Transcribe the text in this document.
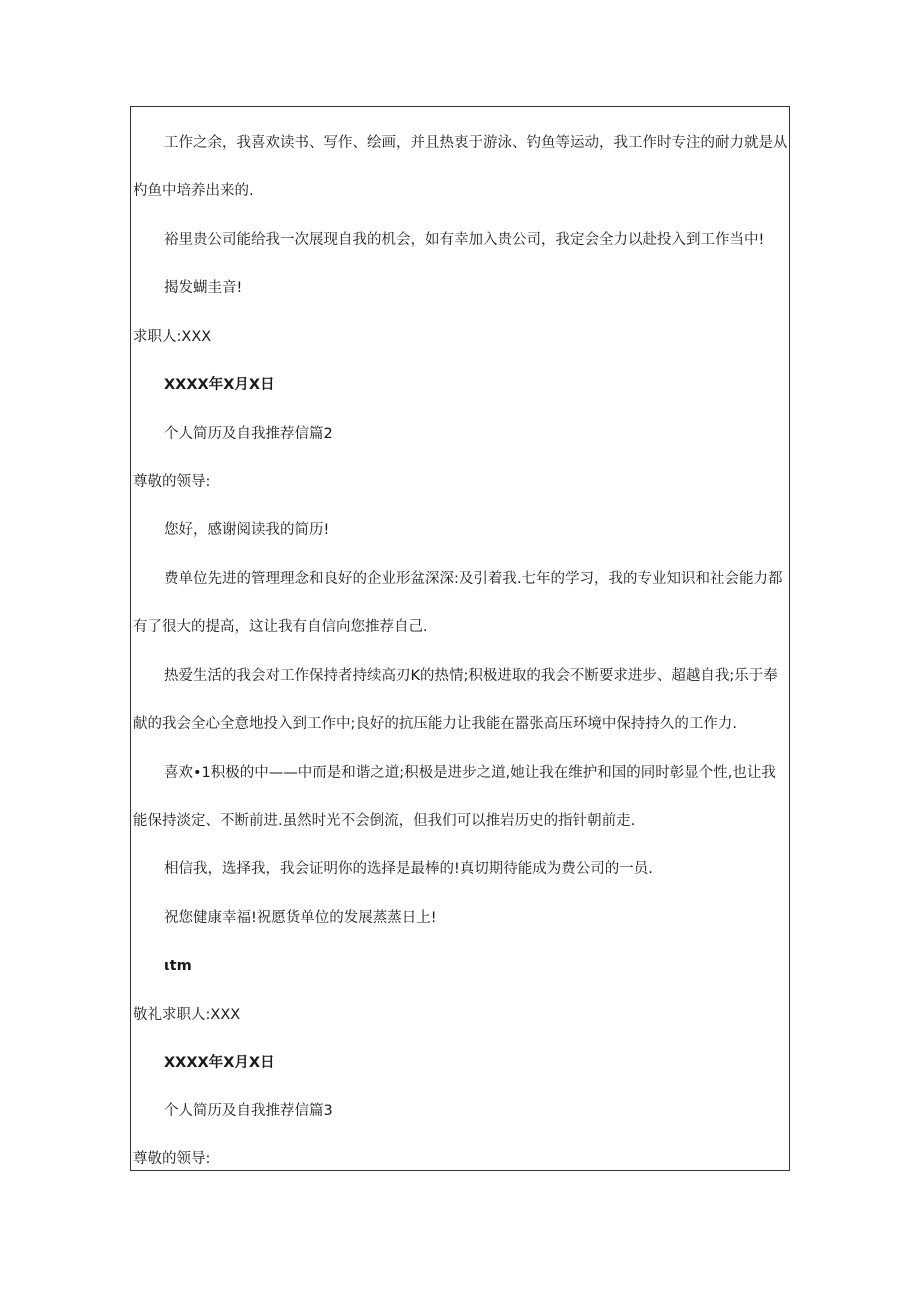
工作之余，我喜欢读书、写作、绘画，并且热衷于游泳、钓鱼等运动，我工作时专注的耐力就是从
杓鱼中培养出来的.
裕里贵公司能给我一次展现自我的机会，如有幸加入贵公司，我定会全力以赴投入到工作当中!
揭发蝴圭音!
求职人:XXX
XXXX年X月X日
个人简历及自我推荐信篇2
尊敬的领导:
您好，感谢阅读我的简历!
费单位先进的管理理念和良好的企业形盆深深:及引着我.七年的学习，我的专业知识和社会能力都
有了很大的提高，这让我有自信向您推荐自己.
热爱生活的我会对工作保持者持续高刃K的热情;积极进取的我会不断要求进步、超越自我;乐于奉
献的我会全心全意地投入到工作中;良好的抗压能力让我能在嚣张高压环境中保持持久的工作力.
喜欢•1积极的中——中而是和谐之道;积极是进步之道,她让我在维护和国的同时彰显个性,也让我
能保持淡定、不断前进.虽然时光不会倒流，但我们可以推岩历史的指针朝前走.
相信我，选择我，我会证明你的选择是最棒的!真切期待能成为费公司的一员.
祝您健康幸福!祝愿货单位的发展蒸蒸日上!
ιtm
敬礼求职人:XXX
XXXX年X月X日
个人简历及自我推荐信篇3
尊敬的领导:
